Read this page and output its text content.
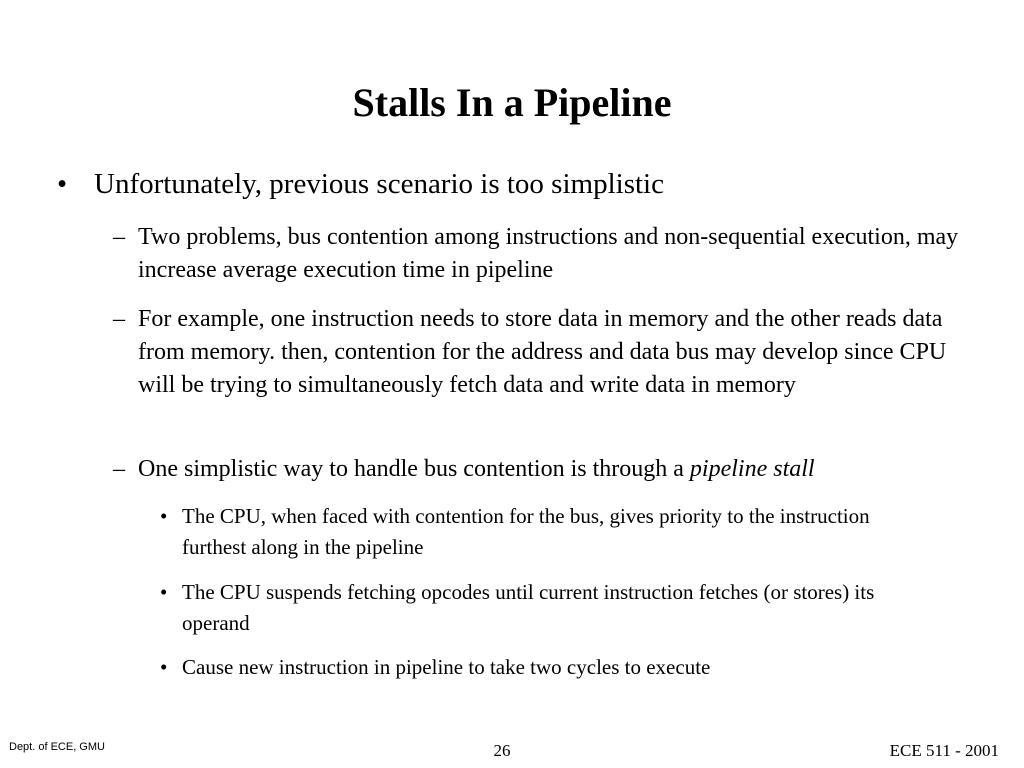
Stalls In a Pipeline
• Unfortunately, previous scenario is too simplistic
– Two problems, bus contention among instructions and non-sequential execution, may increase average execution time in pipeline
– For example, one instruction needs to store data in memory and the other reads data from memory. then, contention for the address and data bus may develop since CPU will be trying to simultaneously fetch data and write data in memory
– One simplistic way to handle bus contention is through a pipeline stall
• The CPU, when faced with contention for the bus, gives priority to the instruction furthest along in the pipeline
• The CPU suspends fetching opcodes until current instruction fetches (or stores) its operand
• Cause new instruction in pipeline to take two cycles to execute
Dept. of ECE, GMU	26	ECE 511 - 2001
